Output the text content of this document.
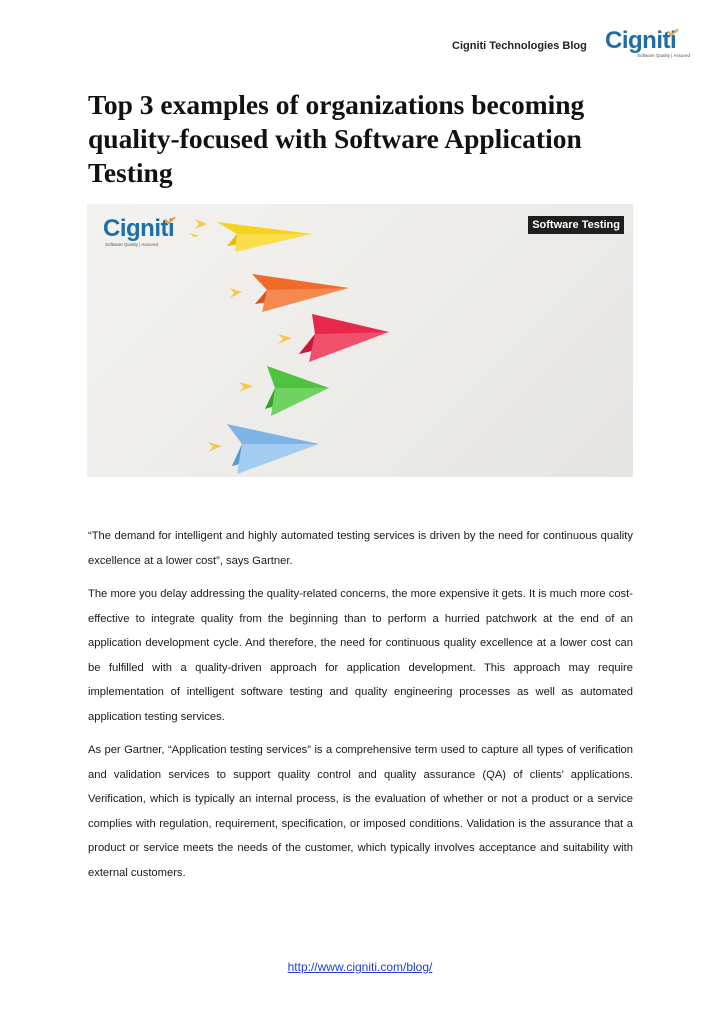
Cigniti Technologies Blog Cigniti
Software Quality | Assured
Top 3 examples of organizations becoming quality-focused with Software Application Testing
Cigniti
Software Quality | Assured
Software Testing

“The demand for intelligent and highly automated testing services is driven by the need for continuous quality excellence at a lower cost”, says Gartner.

The more you delay addressing the quality-related concerns, the more expensive it gets. It is much more cost-effective to integrate quality from the beginning than to perform a hurried patchwork at the end of an application development cycle. And therefore, the need for continuous quality excellence at a lower cost can be fulfilled with a quality-driven approach for application development. This approach may require implementation of intelligent software testing and quality engineering processes as well as automated application testing services.

As per Gartner, “Application testing services” is a comprehensive term used to capture all types of verification and validation services to support quality control and quality assurance (QA) of clients’ applications. Verification, which is typically an internal process, is the evaluation of whether or not a product or a service complies with regulation, requirement, specification, or imposed conditions. Validation is the assurance that a product or service meets the needs of the customer, which typically involves acceptance and suitability with external customers.

http://www.cigniti.com/blog/
